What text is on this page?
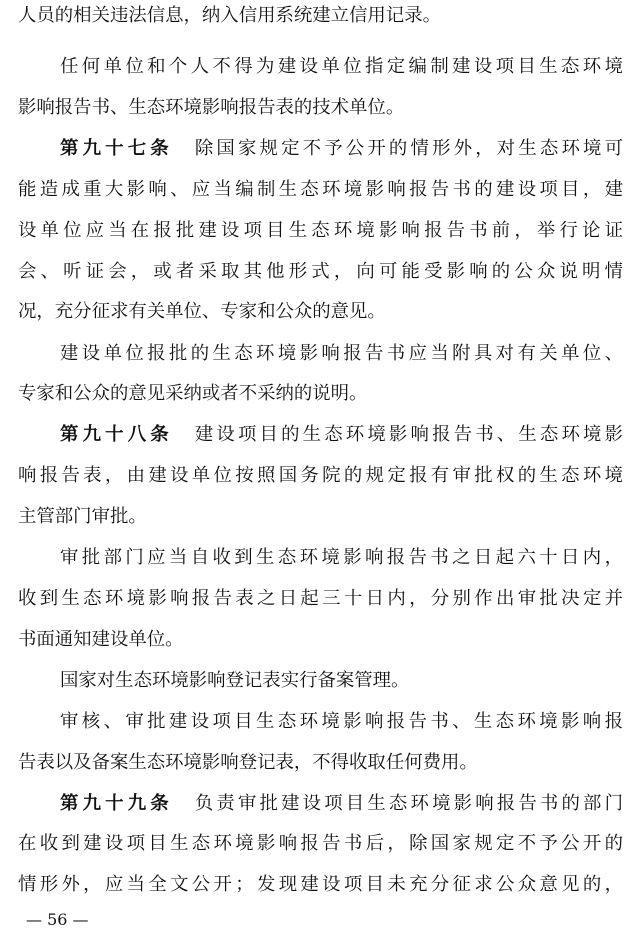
人员的相关违法信息，纳入信用系统建立信用记录。
任何单位和个人不得为建设单位指定编制建设项目生态环境
影响报告书、生态环境影响报告表的技术单位。
第九十七条 除国家规定不予公开的情形外，对生态环境可
能造成重大影响、应当编制生态环境影响报告书的建设项目，建
设单位应当在报批建设项目生态环境影响报告书前，举行论证
会、听证会，或者采取其他形式，向可能受影响的公众说明情
况，充分征求有关单位、专家和公众的意见。
建设单位报批的生态环境影响报告书应当附具对有关单位、
专家和公众的意见采纳或者不采纳的说明。
第九十八条 建设项目的生态环境影响报告书、生态环境影
响报告表，由建设单位按照国务院的规定报有审批权的生态环境
主管部门审批。
审批部门应当自收到生态环境影响报告书之日起六十日内，
收到生态环境影响报告表之日起三十日内，分别作出审批决定并
书面通知建设单位。
国家对生态环境影响登记表实行备案管理。
审核、审批建设项目生态环境影响报告书、生态环境影响报
告表以及备案生态环境影响登记表，不得收取任何费用。
第九十九条 负责审批建设项目生态环境影响报告书的部门
在收到建设项目生态环境影响报告书后，除国家规定不予公开的
情形外，应当全文公开；发现建设项目未充分征求公众意见的，
— 56 —
